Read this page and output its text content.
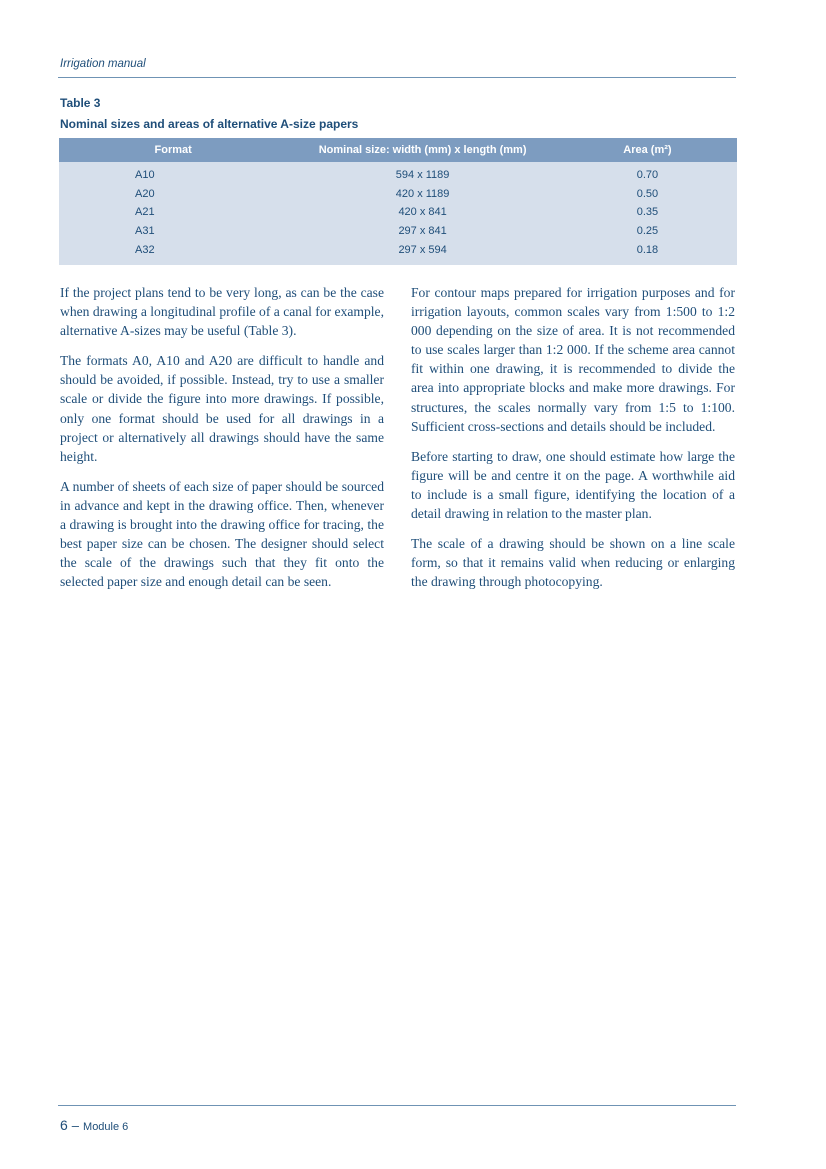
Irrigation manual
Table 3
Nominal sizes and areas of alternative A-size papers
Format	Nominal size: width (mm) x length (mm)	Area (m²)
A10	594 x 1189	0.70
A20	420 x 1189	0.50
A21	420 x 841	0.35
A31	297 x 841	0.25
A32	297 x 594	0.18

If the project plans tend to be very long, as can be the case when drawing a longitudinal profile of a canal for example, alternative A-sizes may be useful (Table 3).

The formats A0, A10 and A20 are difficult to handle and should be avoided, if possible. Instead, try to use a smaller scale or divide the figure into more drawings. If possible, only one format should be used for all drawings in a project or alternatively all drawings should have the same height.

A number of sheets of each size of paper should be sourced in advance and kept in the drawing office. Then, whenever a drawing is brought into the drawing office for tracing, the best paper size can be chosen. The designer should select the scale of the drawings such that they fit onto the selected paper size and enough detail can be seen.

For contour maps prepared for irrigation purposes and for irrigation layouts, common scales vary from 1:500 to 1:2 000 depending on the size of area. It is not recommended to use scales larger than 1:2 000. If the scheme area cannot fit within one drawing, it is recommended to divide the area into appropriate blocks and make more drawings. For structures, the scales normally vary from 1:5 to 1:100. Sufficient cross-sections and details should be included.

Before starting to draw, one should estimate how large the figure will be and centre it on the page. A worthwhile aid to include is a small figure, identifying the location of a detail drawing in relation to the master plan.

The scale of a drawing should be shown on a line scale form, so that it remains valid when reducing or enlarging the drawing through photocopying.

6 – Module 6
